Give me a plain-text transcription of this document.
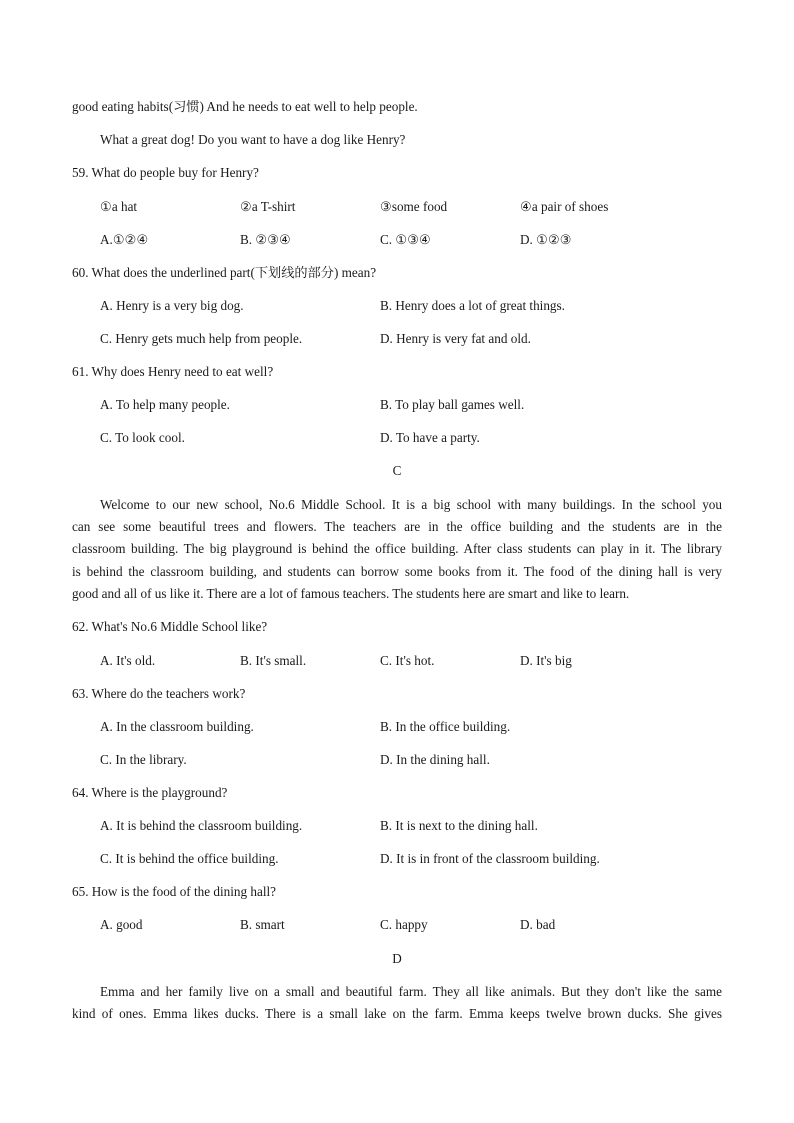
good eating habits(习惯) And he needs to eat well to help people.
What a great dog! Do you want to have a dog like Henry?
59. What do people buy for Henry?
①a hat	②a T-shirt	③some food	④a pair of shoes
A.①②④	B. ②③④	C. ①③④	D. ①②③
60. What does the underlined part(下划线的部分) mean?
A. Henry is a very big dog.	B. Henry does a lot of great things.
C. Henry gets much help from people.	D. Henry is very fat and old.
61. Why does Henry need to eat well?
A. To help many people.	B. To play ball games well.
C. To look cool.	D. To have a party.
C

Welcome to our new school, No.6 Middle School. It is a big school with many buildings. In the school you

can see some beautiful trees and flowers. The teachers are in the office building and the students are in the

classroom building. The big playground is behind the office building. After class students can play in it. The library

is behind the classroom building, and students can borrow some books from it. The food of the dining hall is very

good and all of us like it. There are a lot of famous teachers. The students here are smart and like to learn.

62. What's No.6 Middle School like?
A. It's old.	B. It's small.	C. It's hot.	D. It's big
63. Where do the teachers work?
A. In the classroom building.	B. In the office building.
C. In the library.	D. In the dining hall.
64. Where is the playground?
A. It is behind the classroom building.	B. It is next to the dining hall.
C. It is behind the office building.	D. It is in front of the classroom building.
65. How is the food of the dining hall?
A. good	B. smart	C. happy	D. bad
D

Emma and her family live on a small and beautiful farm. They all like animals. But they don't like the same

kind of ones. Emma likes ducks. There is a small lake on the farm. Emma keeps twelve brown ducks. She gives
